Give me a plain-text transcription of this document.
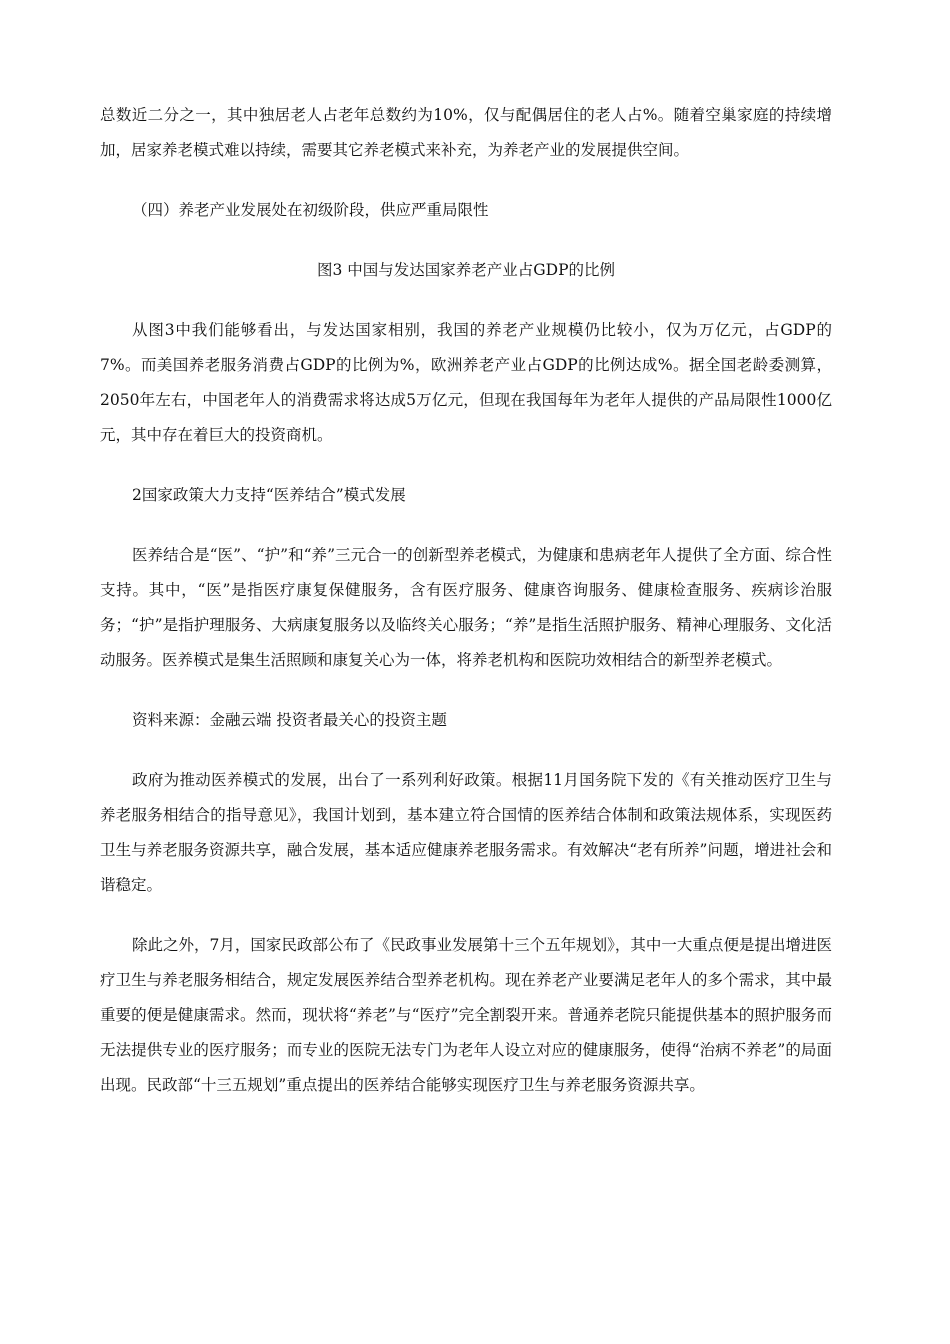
总数近二分之一，其中独居老人占老年总数约为10%，仅与配偶居住的老人占%。随着空巢家庭的持续增加，居家养老模式难以持续，需要其它养老模式来补充，为养老产业的发展提供空间。

（四）养老产业发展处在初级阶段，供应严重局限性

图3 中国与发达国家养老产业占GDP的比例

从图3中我们能够看出，与发达国家相别，我国的养老产业规模仍比较小，仅为万亿元，占GDP的7%。而美国养老服务消费占GDP的比例为%，欧洲养老产业占GDP的比例达成%。据全国老龄委测算，2050年左右，中国老年人的消费需求将达成5万亿元，但现在我国每年为老年人提供的产品局限性1000亿元，其中存在着巨大的投资商机。

2国家政策大力支持“医养结合”模式发展

医养结合是“医”、“护”和“养”三元合一的创新型养老模式，为健康和患病老年人提供了全方面、综合性支持。其中，“医”是指医疗康复保健服务，含有医疗服务、健康咨询服务、健康检查服务、疾病诊治服务；“护”是指护理服务、大病康复服务以及临终关心服务；“养”是指生活照护服务、精神心理服务、文化活动服务。医养模式是集生活照顾和康复关心为一体，将养老机构和医院功效相结合的新型养老模式。

资料来源：金融云端 投资者最关心的投资主题

政府为推动医养模式的发展，出台了一系列利好政策。根据11月国务院下发的《有关推动医疗卫生与养老服务相结合的指导意见》，我国计划到，基本建立符合国情的医养结合体制和政策法规体系，实现医药卫生与养老服务资源共享，融合发展，基本适应健康养老服务需求。有效解决“老有所养”问题，增进社会和谐稳定。

除此之外，7月，国家民政部公布了《民政事业发展第十三个五年规划》，其中一大重点便是提出增进医疗卫生与养老服务相结合，规定发展医养结合型养老机构。现在养老产业要满足老年人的多个需求，其中最重要的便是健康需求。然而，现状将“养老”与“医疗”完全割裂开来。普通养老院只能提供基本的照护服务而无法提供专业的医疗服务；而专业的医院无法专门为老年人设立对应的健康服务，使得“治病不养老”的局面出现。民政部“十三五规划”重点提出的医养结合能够实现医疗卫生与养老服务资源共享。
